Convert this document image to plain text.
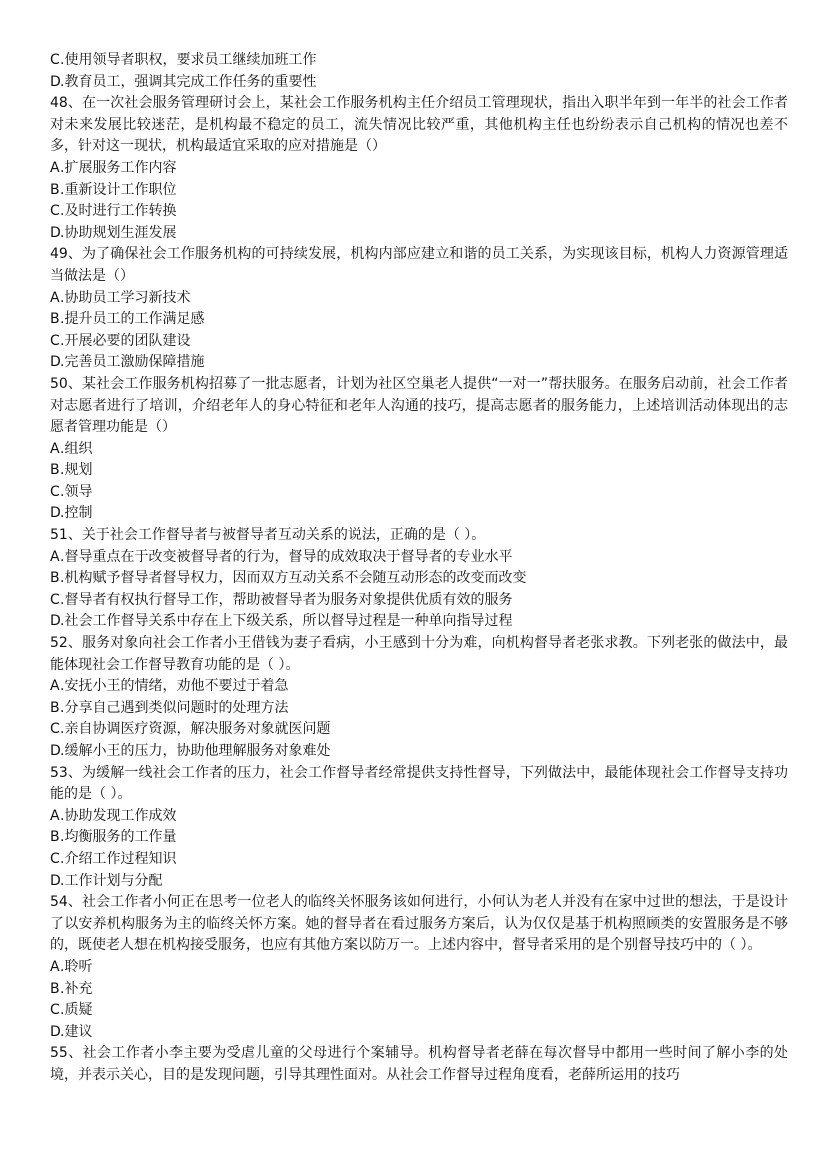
C.使用领导者职权，要求员工继续加班工作

D.教育员工，强调其完成工作任务的重要性

48、在一次社会服务管理研讨会上，某社会工作服务机构主任介绍员工管理现状，指出入职半年到一年半的社会工作者对未来发展比较迷茫，是机构最不稳定的员工，流失情况比较严重，其他机构主任也纷纷表示自己机构的情况也差不多，针对这一现状，机构最适宜采取的应对措施是（）

A.扩展服务工作内容

B.重新设计工作职位

C.及时进行工作转换

D.协助规划生涯发展

49、为了确保社会工作服务机构的可持续发展，机构内部应建立和谐的员工关系，为实现该目标，机构人力资源管理适当做法是（）

A.协助员工学习新技术

B.提升员工的工作满足感

C.开展必要的团队建设

D.完善员工激励保障措施

50、某社会工作服务机构招募了一批志愿者，计划为社区空巢老人提供“一对一”帮扶服务。在服务启动前，社会工作者对志愿者进行了培训，介绍老年人的身心特征和老年人沟通的技巧，提高志愿者的服务能力，上述培训活动体现出的志愿者管理功能是（）

A.组织

B.规划

C.领导

D.控制

51、关于社会工作督导者与被督导者互动关系的说法，正确的是（ ）。

A.督导重点在于改变被督导者的行为，督导的成效取决于督导者的专业水平

B.机构赋予督导者督导权力，因而双方互动关系不会随互动形态的改变而改变

C.督导者有权执行督导工作，帮助被督导者为服务对象提供优质有效的服务

D.社会工作督导关系中存在上下级关系，所以督导过程是一种单向指导过程

52、服务对象向社会工作者小王借钱为妻子看病，小王感到十分为难，向机构督导者老张求教。下列老张的做法中，最能体现社会工作督导教育功能的是（ ）。

A.安抚小王的情绪，劝他不要过于着急

B.分享自己遇到类似问题时的处理方法

C.亲自协调医疗资源，解决服务对象就医问题

D.缓解小王的压力，协助他理解服务对象难处

53、为缓解一线社会工作者的压力，社会工作督导者经常提供支持性督导，下列做法中，最能体现社会工作督导支持功能的是（ ）。

A.协助发现工作成效

B.均衡服务的工作量

C.介绍工作过程知识

D.工作计划与分配

54、社会工作者小何正在思考一位老人的临终关怀服务该如何进行，小何认为老人并没有在家中过世的想法，于是设计了以安养机构服务为主的临终关怀方案。她的督导者在看过服务方案后，认为仅仅是基于机构照顾类的安置服务是不够的，既使老人想在机构接受服务，也应有其他方案以防万一。上述内容中，督导者采用的是个别督导技巧中的（ ）。

A.聆听

B.补充

C.质疑

D.建议

55、社会工作者小李主要为受虐儿童的父母进行个案辅导。机构督导者老薛在每次督导中都用一些时间了解小李的处境，并表示关心，目的是发现问题，引导其理性面对。从社会工作督导过程角度看，老薛所运用的技巧
